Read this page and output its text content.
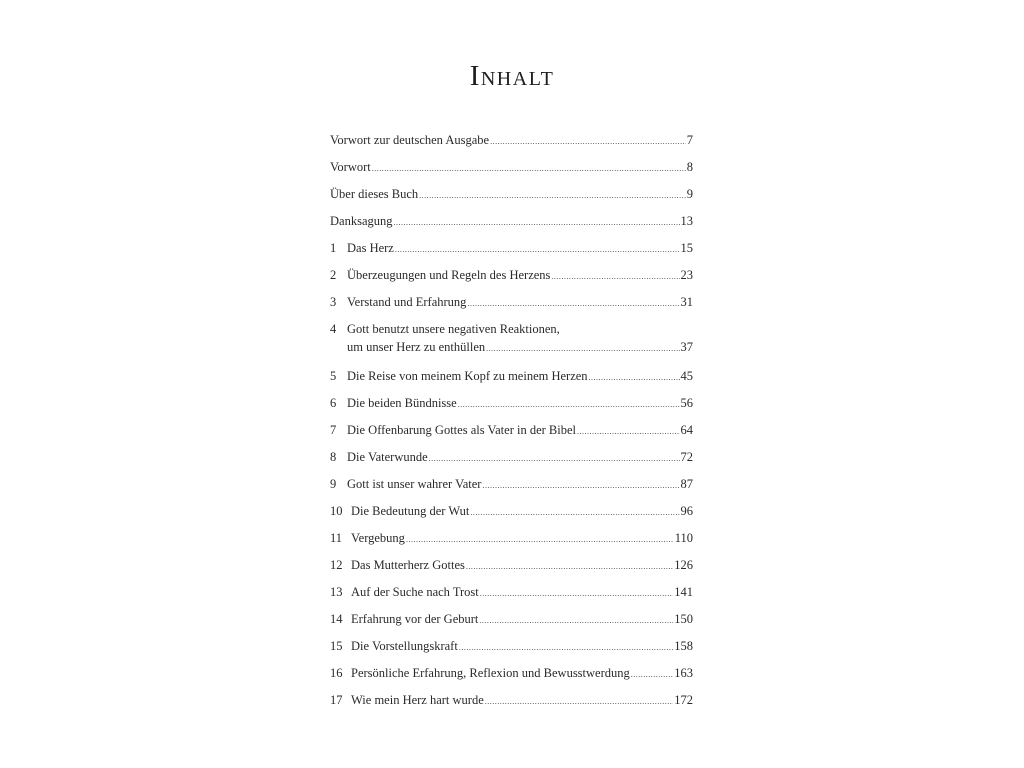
Inhalt
Vorwort zur deutschen Ausgabe .....	7
Vorwort .....	8
Über dieses Buch .....	9
Danksagung .....	13
1 Das Herz .....	15
2 Überzeugungen und Regeln des Herzens .....	23
3 Verstand und Erfahrung .....	31
4 Gott benutzt unsere negativen Reaktionen,
um unser Herz zu enthüllen .....	37
5 Die Reise von meinem Kopf zu meinem Herzen .....	45
6 Die beiden Bündnisse .....	56
7 Die Offenbarung Gottes als Vater in der Bibel .....	64
8 Die Vaterwunde .....	72
9 Gott ist unser wahrer Vater .....	87
10 Die Bedeutung der Wut .....	96
11 Vergebung .....	110
12 Das Mutterherz Gottes .....	126
13 Auf der Suche nach Trost .....	141
14 Erfahrung vor der Geburt .....	150
15 Die Vorstellungskraft .....	158
16 Persönliche Erfahrung, Reflexion und Bewusstwerdung .....	163
17 Wie mein Herz hart wurde .....	172
